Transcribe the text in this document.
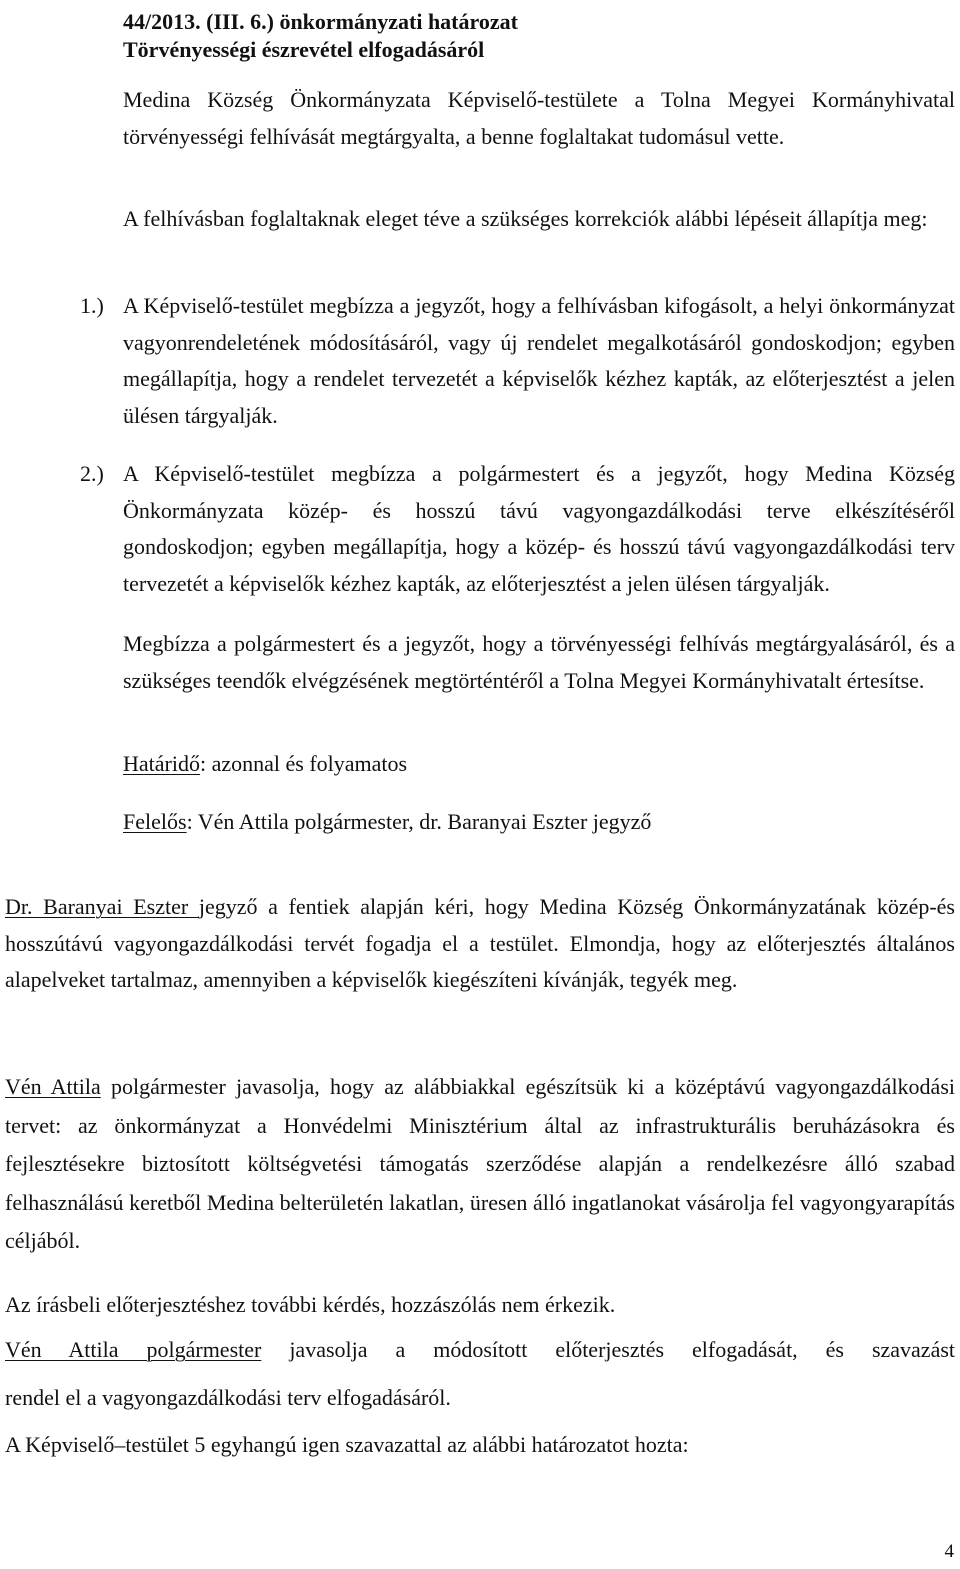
44/2013. (III. 6.) önkormányzati határozat
Törvényességi észrevétel elfogadásáról

Medina Község Önkormányzata Képviselő-testülete a Tolna Megyei Kormányhivatal törvényességi felhívását megtárgyalta, a benne foglaltakat tudomásul vette.

A felhívásban foglaltaknak eleget téve a szükséges korrekciók alábbi lépéseit állapítja meg:

1.) A Képviselő-testület megbízza a jegyzőt, hogy a felhívásban kifogásolt, a helyi önkormányzat vagyonrendeletének módosításáról, vagy új rendelet megalkotásáról gondoskodjon; egyben megállapítja, hogy a rendelet tervezetét a képviselők kézhez kapták, az előterjesztést a jelen ülésen tárgyalják.

2.) A Képviselő-testület megbízza a polgármestert és a jegyzőt, hogy Medina Község Önkormányzata közép- és hosszú távú vagyongazdálkodási terve elkészítéséről gondoskodjon; egyben megállapítja, hogy a közép- és hosszú távú vagyongazdálkodási terv tervezetét a képviselők kézhez kapták, az előterjesztést a jelen ülésen tárgyalják.

Megbízza a polgármestert és a jegyzőt, hogy a törvényességi felhívás megtárgyalásáról, és a szükséges teendők elvégzésének megtörténtéről a Tolna Megyei Kormányhivatalt értesítse.

Határidő: azonnal és folyamatos

Felelős: Vén Attila polgármester, dr. Baranyai Eszter jegyző

Dr. Baranyai Eszter jegyző a fentiek alapján kéri, hogy Medina Község Önkormányzatának közép-és hosszútávú vagyongazdálkodási tervét fogadja el a testület. Elmondja, hogy az előterjesztés általános alapelveket tartalmaz, amennyiben a képviselők kiegészíteni kívánják, tegyék meg.

Vén Attila polgármester javasolja, hogy az alábbiakkal egészítsük ki a középtávú vagyongazdálkodási tervet: az önkormányzat a Honvédelmi Minisztérium által az infrastrukturális beruházásokra és fejlesztésekre biztosított költségvetési támogatás szerződése alapján a rendelkezésre álló szabad felhasználású keretből Medina belterületén lakatlan, üresen álló ingatlanokat vásárolja fel vagyongyarapítás céljából.

Az írásbeli előterjesztéshez további kérdés, hozzászólás nem érkezik.

Vén Attila polgármester javasolja a módosított előterjesztés elfogadását, és szavazást

rendel el a vagyongazdálkodási terv elfogadásáról.

A Képviselő–testület 5 egyhangú igen szavazattal az alábbi határozatot hozta:

4
